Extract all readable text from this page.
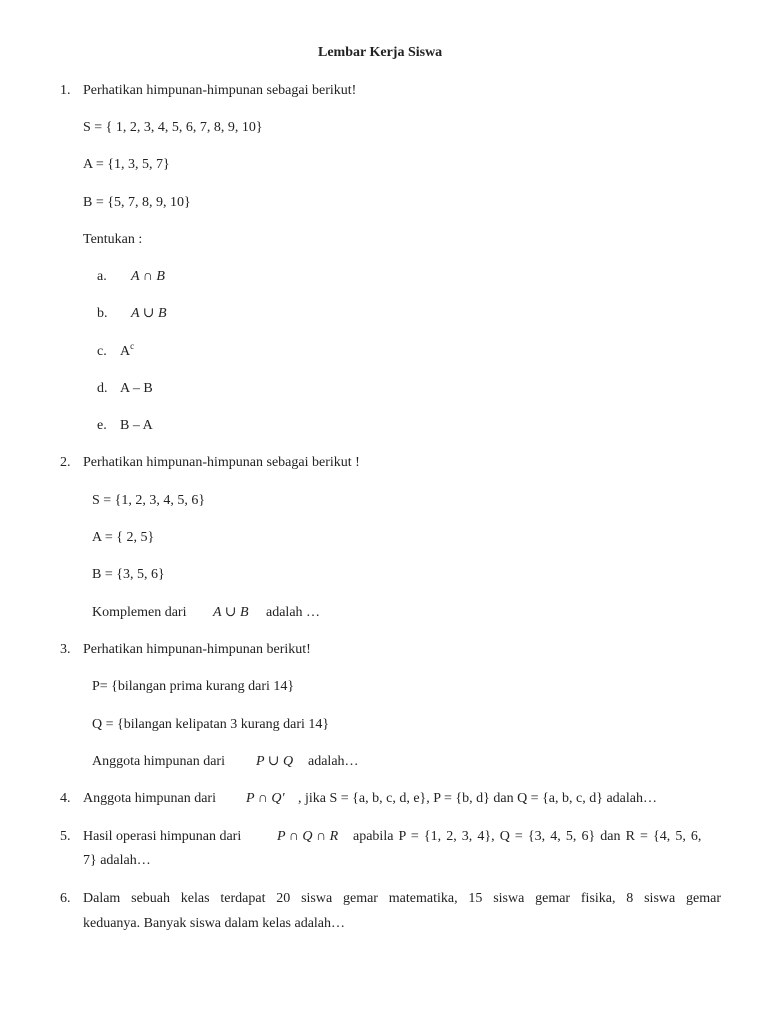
Lembar Kerja Siswa
1. Perhatikan himpunan-himpunan sebagai berikut!
S = { 1, 2, 3, 4, 5, 6, 7, 8, 9, 10}
A = {1, 3, 5, 7}
B = {5, 7, 8, 9, 10}
Tentukan :
a. A ∩ B
b. A ∪ B
c. $A^c$
d. A – B
e. B – A
2. Perhatikan himpunan-himpunan sebagai berikut !
S = {1, 2, 3, 4, 5, 6}
A = { 2, 5}
B = {3, 5, 6}
Komplemen dari A ∪ B adalah …
3. Perhatikan himpunan-himpunan berikut!
P= {bilangan prima kurang dari 14}
Q = {bilangan kelipatan 3 kurang dari 14}
Anggota himpunan dari P ∪ Q adalah…
4. Anggota himpunan dari P ∩ Q' , jika S = {a, b, c, d, e}, P = {b, d} dan Q = {a, b, c, d} adalah…
5. Hasil operasi himpunan dari	P ∩ Q ∩ R apabila P = {1, 2, 3, 4}, Q = {3, 4, 5, 6} dan R = {4, 5, 6,
7} adalah…
6. Dalam sebuah kelas terdapat 20 siswa gemar matematika, 15 siswa gemar fisika, 8 siswa gemar
keduanya. Banyak siswa dalam kelas adalah…
